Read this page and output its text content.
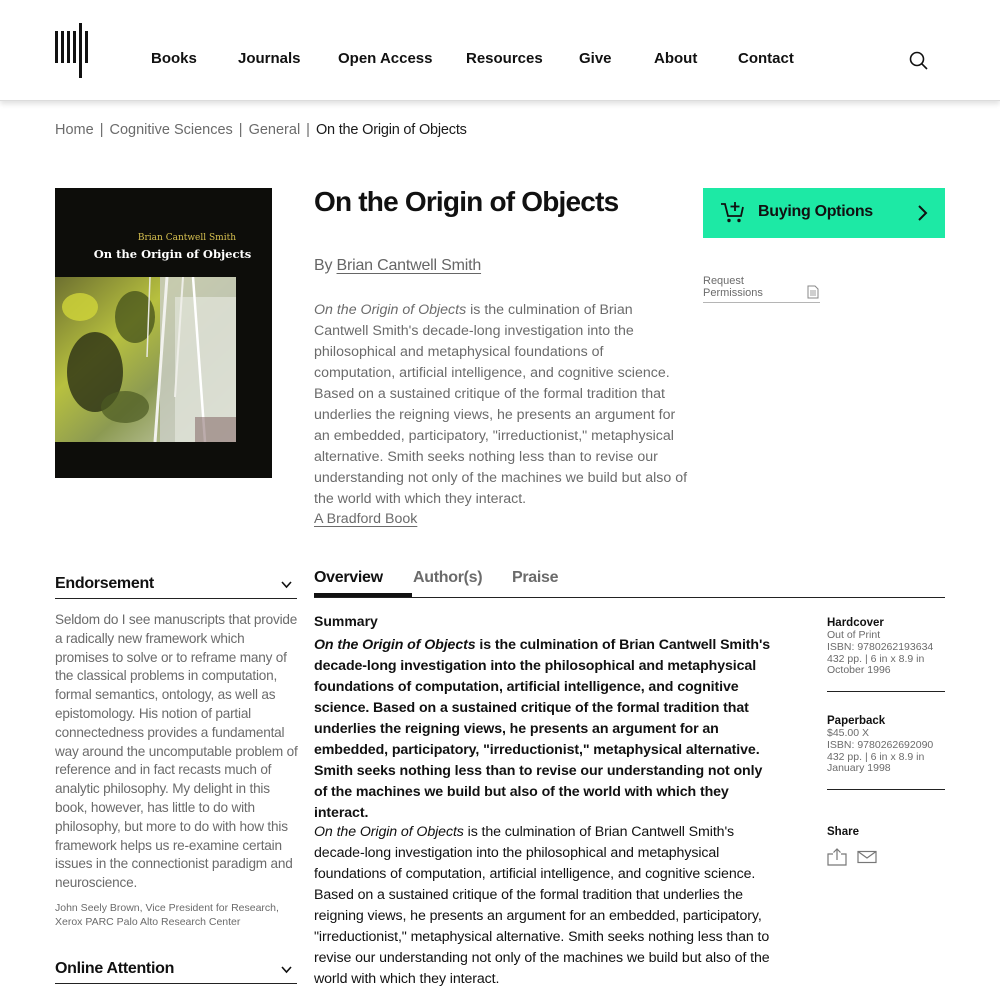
Books	Journals Open Access Resources Give	About	Contact
Home | Cognitive Sciences | General | On the Origin of Objects
Brian Cantwell Smith
On the Origin of Objects
On the Origin of Objects
By Brian Cantwell Smith

On the Origin of Objects is the culmination of Brian Cantwell Smith's decade-long investigation into the philosophical and metaphysical foundations of computation, artificial intelligence, and cognitive science. Based on a sustained critique of the formal tradition that underlies the reigning views, he presents an argument for an embedded, participatory, "irreductionist," metaphysical alternative. Smith seeks nothing less than to revise our understanding not only of the machines we build but also of the world with which they interact.

A Bradford Book
Buying Options
Request Permissions
Endorsement

Seldom do I see manuscripts that provide a radically new framework which promises to solve or to reframe many of the classical problems in computation, formal semantics, ontology, as well as epistomology. His notion of partial connectedness provides a fundamental way around the uncomputable problem of reference and in fact recasts much of analytic philosophy. My delight in this book, however, has little to do with philosophy, but more to do with how this framework helps us re-examine certain issues in the connectionist paradigm and neuroscience.

John Seely Brown, Vice President for Research, Xerox PARC Palo Alto Research Center

Online Attention
Overview Author(s) Praise
Summary

On the Origin of Objects is the culmination of Brian Cantwell Smith's decade-long investigation into the philosophical and metaphysical foundations of computation, artificial intelligence, and cognitive science. Based on a sustained critique of the formal tradition that underlies the reigning views, he presents an argument for an embedded, participatory, "irreductionist," metaphysical alternative. Smith seeks nothing less than to revise our understanding not only of the machines we build but also of the world with which they interact.

On the Origin of Objects is the culmination of Brian Cantwell Smith's decade-long investigation into the philosophical and metaphysical foundations of computation, artificial intelligence, and cognitive science. Based on a sustained critique of the formal tradition that underlies the reigning views, he presents an argument for an embedded, participatory, "irreductionist," metaphysical alternative. Smith seeks nothing less than to revise our understanding not only of the machines we build but also of the world with which they interact.

Hardcover
Out of Print
ISBN: 9780262193634
432 pp. | 6 in x 8.9 in
October 1996
Paperback
$45.00 X
ISBN: 9780262692090
432 pp. | 6 in x 8.9 in
January 1998
Share
